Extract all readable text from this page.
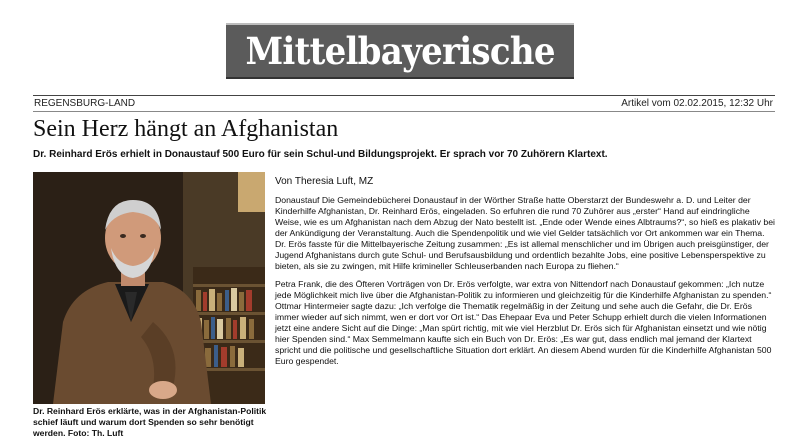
Mittelbayerische
REGENSBURG-LAND	Artikel vom 02.02.2015, 12:32 Uhr
Sein Herz hängt an Afghanistan
Dr. Reinhard Erös erhielt in Donaustauf 500 Euro für sein Schul-und Bildungsprojekt. Er sprach vor 70 Zuhörern Klartext.
Dr. Reinhard Erös erklärte, was in der Afghanistan-Politik schief läuft und warum dort Spenden so sehr benötigt werden. Foto: Th. Luft
Von Theresia Luft, MZ

Donaustauf Die Gemeindebücherei Donaustauf in der Wörther Straße hatte Oberstarzt der Bundeswehr a. D. und Leiter der Kinderhilfe Afghanistan, Dr. Reinhard Erös, eingeladen. So erfuhren die rund 70 Zuhörer aus „erster“ Hand auf eindringliche Weise, wie es um Afghanistan nach dem Abzug der Nato bestellt ist. „Ende oder Wende eines Albtraums?“, so hieß es plakativ bei der Ankündigung der Veranstaltung. Auch die Spendenpolitik und wie viel Gelder tatsächlich vor Ort ankommen war ein Thema. Dr. Erös fasste für die Mittelbayerische Zeitung zusammen: „Es ist allemal menschlicher und im Übrigen auch preisgünstiger, der Jugend Afghanistans durch gute Schul- und Berufsausbildung und ordentlich bezahlte Jobs, eine positive Lebensperspektive zu bieten, als sie zu zwingen, mit Hilfe krimineller Schleuserbanden nach Europa zu fliehen.“

Petra Frank, die des Öfteren Vorträgen von Dr. Erös verfolgte, war extra von Nittendorf nach Donaustauf gekommen: „Ich nutze jede Möglichkeit mich live über die Afghanistan-Politik zu informieren und gleichzeitig für die Kinderhilfe Afghanistan zu spenden.“ Ottmar Hintermeier sagte dazu: „Ich verfolge die Thematik regelmäßig in der Zeitung und sehe auch die Gefahr, die Dr. Erös immer wieder auf sich nimmt, wen er dort vor Ort ist.“ Das Ehepaar Eva und Peter Schupp erhielt durch die vielen Informationen jetzt eine andere Sicht auf die Dinge: „Man spürt richtig, mit wie viel Herzblut Dr. Erös sich für Afghanistan einsetzt und wie nötig hier Spenden sind.“ Max Semmelmann kaufte sich ein Buch von Dr. Erös: „Es war gut, dass endlich mal jemand der Klartext spricht und die politische und gesellschaftliche Situation dort erklärt. An diesem Abend wurden für die Kinderhilfe Afghanistan 500 Euro gespendet.
